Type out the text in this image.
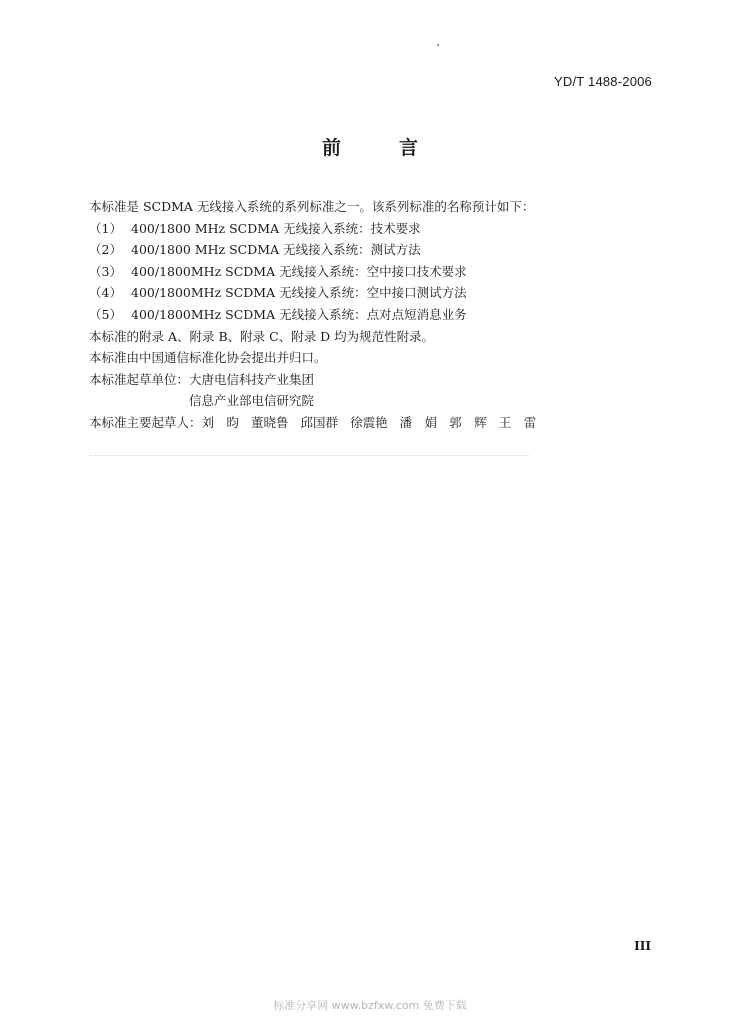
YD/T 1488-2006
前	言
本标准是 SCDMA 无线接入系统的系列标准之一。该系列标准的名称预计如下：
（1） 400/1800 MHz SCDMA 无线接入系统：技术要求
（2） 400/1800 MHz SCDMA 无线接入系统：测试方法
（3） 400/1800MHz SCDMA 无线接入系统：空中接口技术要求
（4） 400/1800MHz SCDMA 无线接入系统：空中接口测试方法
（5） 400/1800MHz SCDMA 无线接入系统：点对点短消息业务
本标准的附录 A、附录 B、附录 C、附录 D 均为规范性附录。
本标准由中国通信标准化协会提出并归口。
本标准起草单位：大唐电信科技产业集团
信息产业部电信研究院
本标准主要起草人：刘　昀 董晓鲁 邱国群 徐震艳 潘　娟 郭　辉 王　雷
III
标准分享网 www.bzfxw.com 免费下载
